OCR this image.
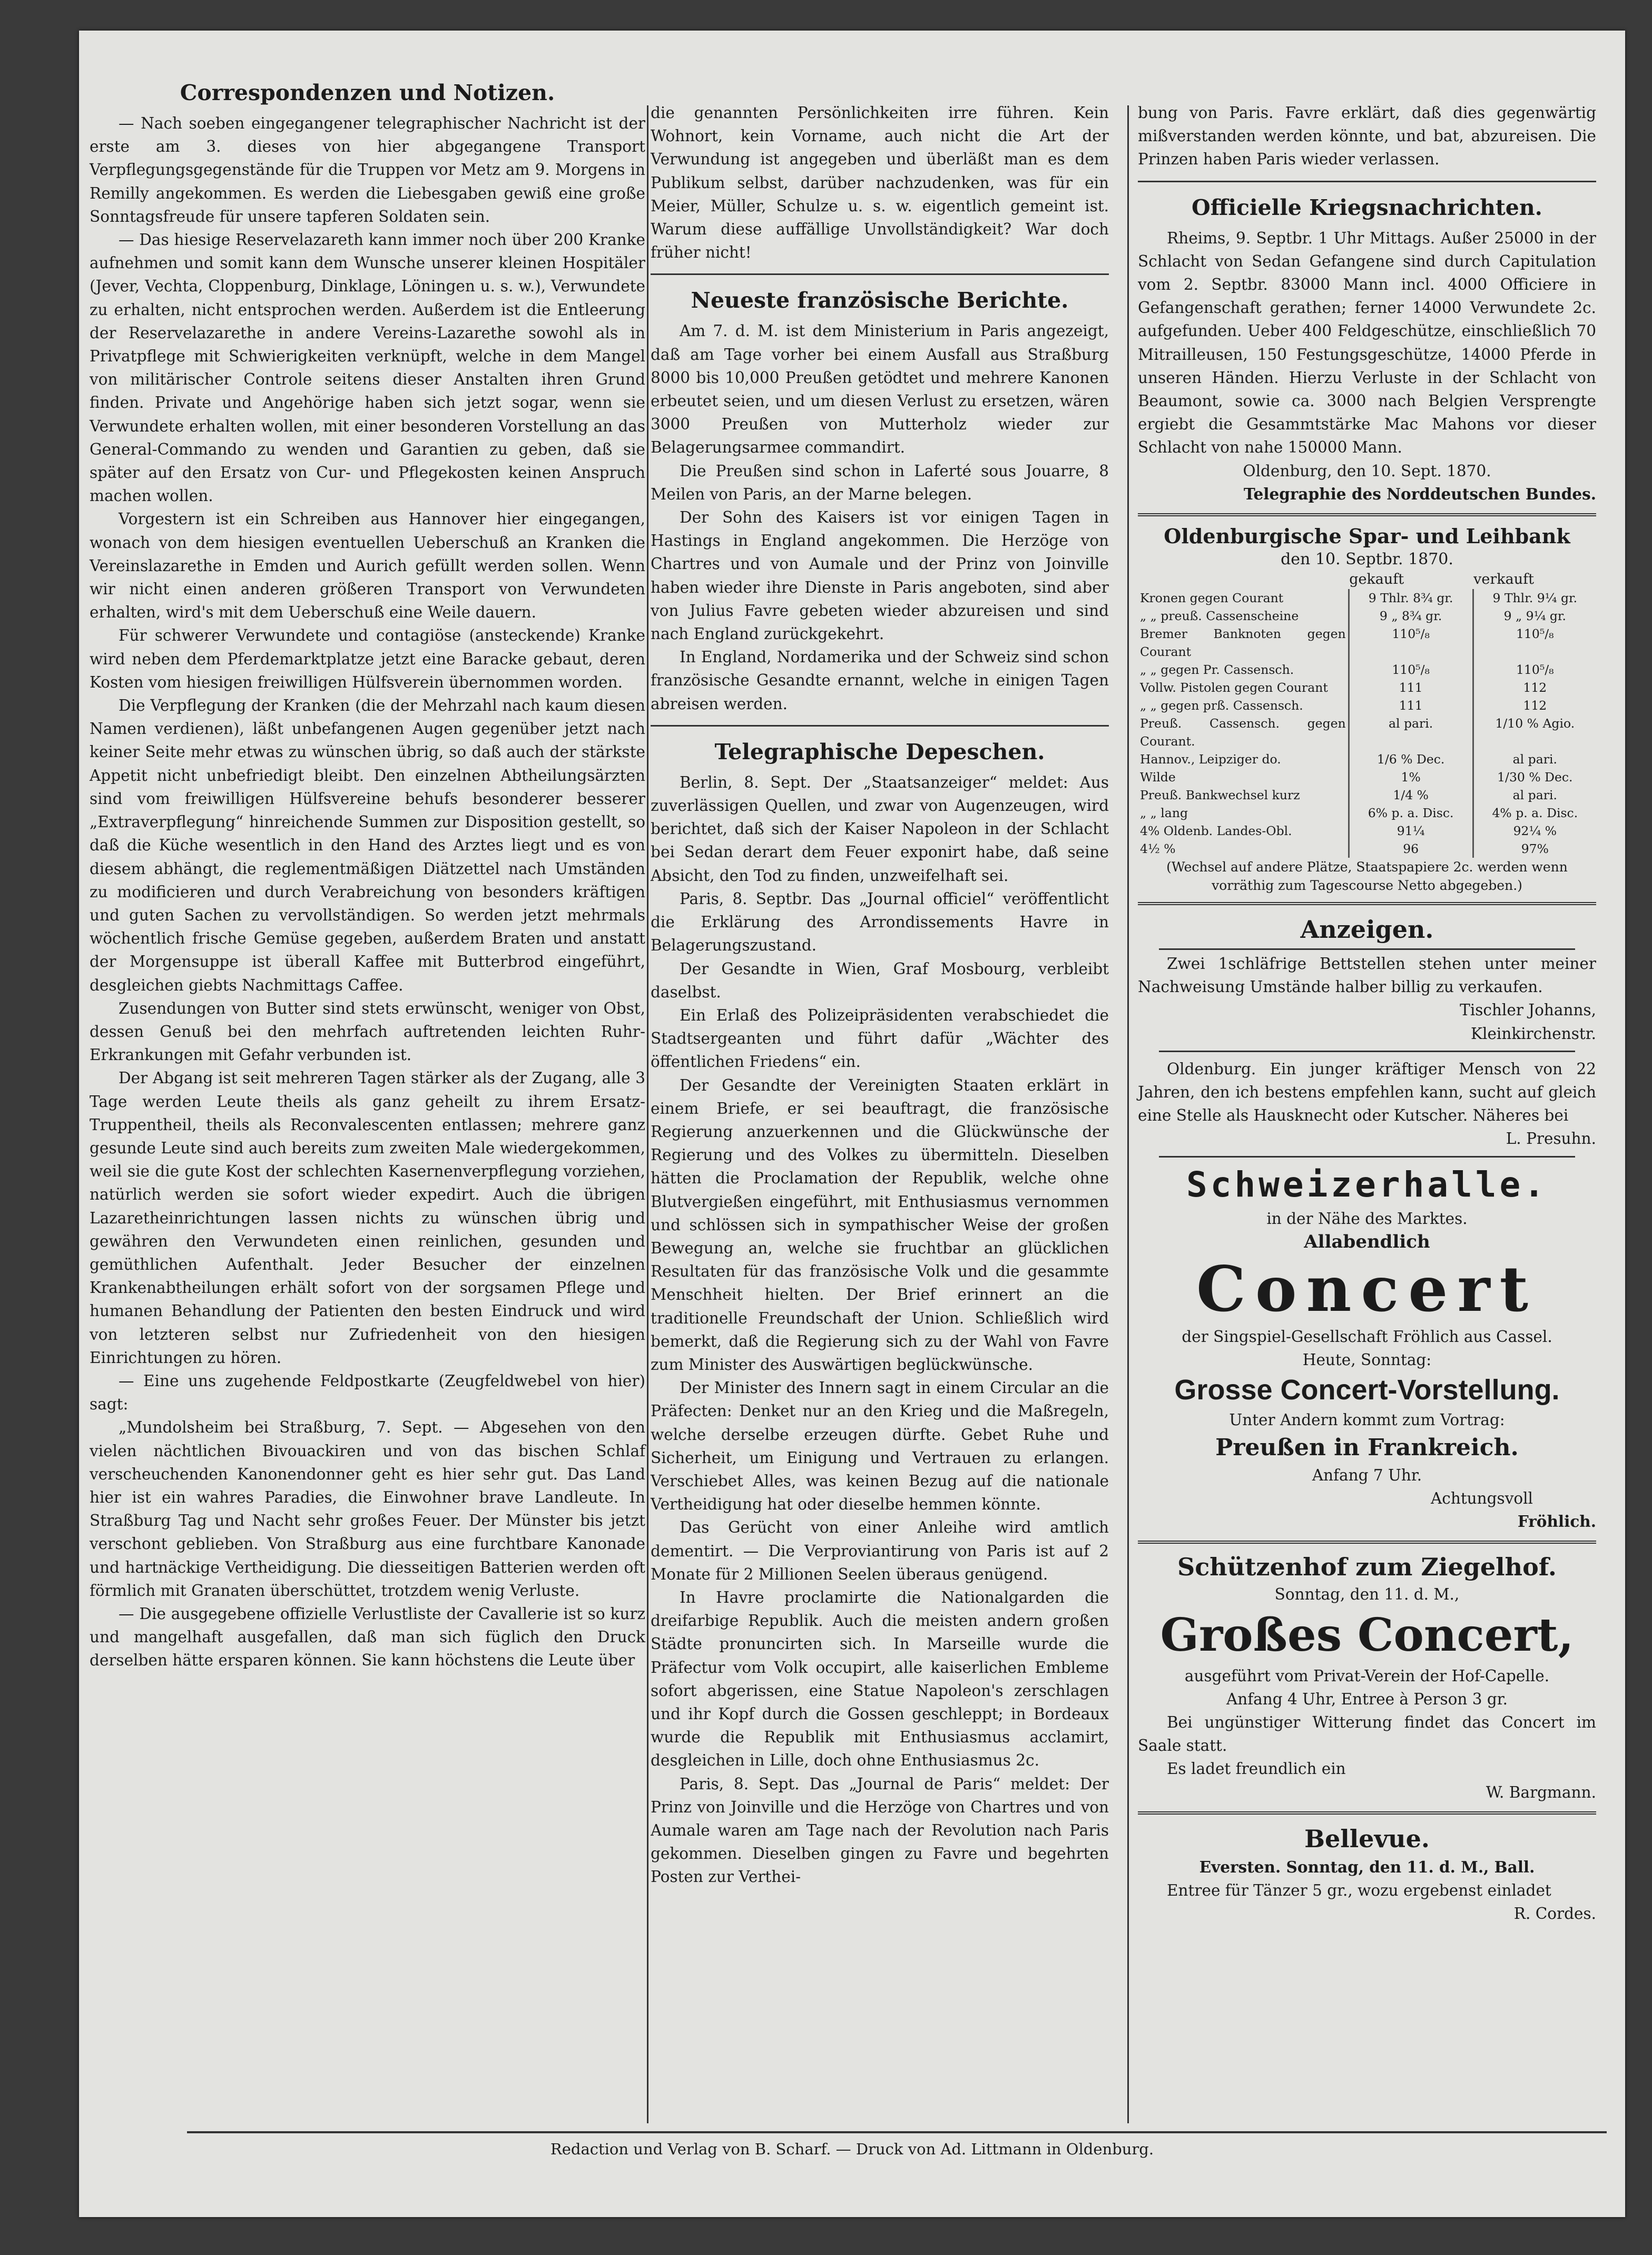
Correspondenzen und Notizen.

— Nach soeben eingegangener telegraphischer Nachricht ist der erste am 3. dieses von hier abgegangene Transport Verpflegungsgegenstände für die Truppen vor Metz am 9. Morgens in Remilly angekommen. Es werden die Liebesgaben gewiß eine große Sonntagsfreude für unsere tapferen Soldaten sein.

— Das hiesige Reservelazareth kann immer noch über 200 Kranke aufnehmen und somit kann dem Wunsche unserer kleinen Hospitäler (Jever, Vechta, Cloppenburg, Dinklage, Löningen u. s. w.), Verwundete zu erhalten, nicht entsprochen werden. Außerdem ist die Entleerung der Reservelazarethe in andere Vereins-Lazarethe sowohl als in Privatpflege mit Schwierigkeiten verknüpft, welche in dem Mangel von militärischer Controle seitens dieser Anstalten ihren Grund finden. Private und Angehörige haben sich jetzt sogar, wenn sie Verwundete erhalten wollen, mit einer besonderen Vorstellung an das General-Commando zu wenden und Garantien zu geben, daß sie später auf den Ersatz von Cur- und Pflegekosten keinen Anspruch machen wollen.

Vorgestern ist ein Schreiben aus Hannover hier eingegangen, wonach von dem hiesigen eventuellen Ueberschuß an Kranken die Vereinslazarethe in Emden und Aurich gefüllt werden sollen. Wenn wir nicht einen anderen größeren Transport von Verwundeten erhalten, wird's mit dem Ueberschuß eine Weile dauern.

Für schwerer Verwundete und contagiöse (ansteckende) Kranke wird neben dem Pferdemarktplatze jetzt eine Baracke gebaut, deren Kosten vom hiesigen freiwilligen Hülfsverein übernommen worden.

Die Verpflegung der Kranken (die der Mehrzahl nach kaum diesen Namen verdienen), läßt unbefangenen Augen gegenüber jetzt nach keiner Seite mehr etwas zu wünschen übrig, so daß auch der stärkste Appetit nicht unbefriedigt bleibt. Den einzelnen Abtheilungsärzten sind vom freiwilligen Hülfsvereine behufs besonderer besserer „Extraverpflegung“ hinreichende Summen zur Disposition gestellt, so daß die Küche wesentlich in den Hand des Arztes liegt und es von diesem abhängt, die reglementmäßigen Diätzettel nach Umständen zu modificieren und durch Verabreichung von besonders kräftigen und guten Sachen zu vervollständigen. So werden jetzt mehrmals wöchentlich frische Gemüse gegeben, außerdem Braten und anstatt der Morgensuppe ist überall Kaffee mit Butterbrod eingeführt, desgleichen giebts Nachmittags Caffee.

Zusendungen von Butter sind stets erwünscht, weniger von Obst, dessen Genuß bei den mehrfach auftretenden leichten Ruhr-Erkrankungen mit Gefahr verbunden ist.

Der Abgang ist seit mehreren Tagen stärker als der Zugang, alle 3 Tage werden Leute theils als ganz geheilt zu ihrem Ersatz-Truppentheil, theils als Reconvalescenten entlassen; mehrere ganz gesunde Leute sind auch bereits zum zweiten Male wiedergekommen, weil sie die gute Kost der schlechten Kasernenverpflegung vorziehen, natürlich werden sie sofort wieder expedirt. Auch die übrigen Lazaretheinrichtungen lassen nichts zu wünschen übrig und gewähren den Verwundeten einen reinlichen, gesunden und gemüthlichen Aufenthalt. Jeder Besucher der einzelnen Krankenabtheilungen erhält sofort von der sorgsamen Pflege und humanen Behandlung der Patienten den besten Eindruck und wird von letzteren selbst nur Zufriedenheit von den hiesigen Einrichtungen zu hören.

— Eine uns zugehende Feldpostkarte (Zeugfeldwebel von hier) sagt:

„Mundolsheim bei Straßburg, 7. Sept. — Abgesehen von den vielen nächtlichen Bivouackiren und von das bischen Schlaf verscheuchenden Kanonendonner geht es hier sehr gut. Das Land hier ist ein wahres Paradies, die Einwohner brave Landleute. In Straßburg Tag und Nacht sehr großes Feuer. Der Münster bis jetzt verschont geblieben. Von Straßburg aus eine furchtbare Kanonade und hartnäckige Vertheidigung. Die diesseitigen Batterien werden oft förmlich mit Granaten überschüttet, trotzdem wenig Verluste.

— Die ausgegebene offizielle Verlustliste der Cavallerie ist so kurz und mangelhaft ausgefallen, daß man sich füglich den Druck derselben hätte ersparen können. Sie kann höchstens die Leute über

die genannten Persönlichkeiten irre führen. Kein Wohnort, kein Vorname, auch nicht die Art der Verwundung ist angegeben und überläßt man es dem Publikum selbst, darüber nachzudenken, was für ein Meier, Müller, Schulze u. s. w. eigentlich gemeint ist. Warum diese auffällige Unvollständigkeit? War doch früher nicht!

Neueste französische Berichte.

Am 7. d. M. ist dem Ministerium in Paris angezeigt, daß am Tage vorher bei einem Ausfall aus Straßburg 8000 bis 10,000 Preußen getödtet und mehrere Kanonen erbeutet seien, und um diesen Verlust zu ersetzen, wären 3000 Preußen von Mutterholz wieder zur Belagerungsarmee commandirt.

Die Preußen sind schon in Laferté sous Jouarre, 8 Meilen von Paris, an der Marne belegen.

Der Sohn des Kaisers ist vor einigen Tagen in Hastings in England angekommen. Die Herzöge von Chartres und von Aumale und der Prinz von Joinville haben wieder ihre Dienste in Paris angeboten, sind aber von Julius Favre gebeten wieder abzureisen und sind nach England zurückgekehrt.

In England, Nordamerika und der Schweiz sind schon französische Gesandte ernannt, welche in einigen Tagen abreisen werden.

Telegraphische Depeschen.

Berlin, 8. Sept. Der „Staatsanzeiger“ meldet: Aus zuverlässigen Quellen, und zwar von Augenzeugen, wird berichtet, daß sich der Kaiser Napoleon in der Schlacht bei Sedan derart dem Feuer exponirt habe, daß seine Absicht, den Tod zu finden, unzweifelhaft sei.

Paris, 8. Septbr. Das „Journal officiel“ veröffentlicht die Erklärung des Arrondissements Havre in Belagerungszustand.

Der Gesandte in Wien, Graf Mosbourg, verbleibt daselbst.

Ein Erlaß des Polizeipräsidenten verabschiedet die Stadtsergeanten und führt dafür „Wächter des öffentlichen Friedens“ ein.

Der Gesandte der Vereinigten Staaten erklärt in einem Briefe, er sei beauftragt, die französische Regierung anzuerkennen und die Glückwünsche der Regierung und des Volkes zu übermitteln. Dieselben hätten die Proclamation der Republik, welche ohne Blutvergießen eingeführt, mit Enthusiasmus vernommen und schlössen sich in sympathischer Weise der großen Bewegung an, welche sie fruchtbar an glücklichen Resultaten für das französische Volk und die gesammte Menschheit hielten. Der Brief erinnert an die traditionelle Freundschaft der Union. Schließlich wird bemerkt, daß die Regierung sich zu der Wahl von Favre zum Minister des Auswärtigen beglückwünsche.

Der Minister des Innern sagt in einem Circular an die Präfecten: Denket nur an den Krieg und die Maßregeln, welche derselbe erzeugen dürfte. Gebet Ruhe und Sicherheit, um Einigung und Vertrauen zu erlangen. Verschiebet Alles, was keinen Bezug auf die nationale Vertheidigung hat oder dieselbe hemmen könnte.

Das Gerücht von einer Anleihe wird amtlich dementirt. — Die Verproviantirung von Paris ist auf 2 Monate für 2 Millionen Seelen überaus genügend.

In Havre proclamirte die Nationalgarden die dreifarbige Republik. Auch die meisten andern großen Städte pronuncirten sich. In Marseille wurde die Präfectur vom Volk occupirt, alle kaiserlichen Embleme sofort abgerissen, eine Statue Napoleon's zerschlagen und ihr Kopf durch die Gossen geschleppt; in Bordeaux wurde die Republik mit Enthusiasmus acclamirt, desgleichen in Lille, doch ohne Enthusiasmus 2c.

Paris, 8. Sept. Das „Journal de Paris“ meldet: Der Prinz von Joinville und die Herzöge von Chartres und von Aumale waren am Tage nach der Revolution nach Paris gekommen. Dieselben gingen zu Favre und begehrten Posten zur Verthei-

bung von Paris. Favre erklärt, daß dies gegenwärtig mißverstanden werden könnte, und bat, abzureisen. Die Prinzen haben Paris wieder verlassen.

Officielle Kriegsnachrichten.

Rheims, 9. Septbr. 1 Uhr Mittags. Außer 25000 in der Schlacht von Sedan Gefangene sind durch Capitulation vom 2. Septbr. 83000 Mann incl. 4000 Officiere in Gefangenschaft gerathen; ferner 14000 Verwundete 2c. aufgefunden. Ueber 400 Feldgeschütze, einschließlich 70 Mitrailleusen, 150 Festungsgeschütze, 14000 Pferde in unseren Händen. Hierzu Verluste in der Schlacht von Beaumont, sowie ca. 3000 nach Belgien Versprengte ergiebt die Gesammtstärke Mac Mahons vor dieser Schlacht von nahe 150000 Mann.

Oldenburg, den 10. Sept. 1870.

Telegraphie des Norddeutschen Bundes.

Oldenburgische Spar- und Leihbank
den 10. Septbr. 1870.
	gekauft	verkauft
Kronen gegen Courant	9 Thlr. 8¾ gr.	9 Thlr. 9¼ gr.
„ „ preuß. Cassenscheine	9 „ 8¾ gr.	9 „ 9¼ gr.
Bremer Banknoten gegen Courant	110⁵/₈	110⁵/₈
„ „ gegen Pr. Cassensch.	110⁵/₈	110⁵/₈
Vollw. Pistolen gegen Courant	111	112
„ „ gegen prß. Cassensch.	111	112
Preuß. Cassensch. gegen Courant.	al pari.	1/10 % Agio.
Hannov., Leipziger do.	1/6 % Dec.	al pari.
Wilde	1%	1/30 % Dec.
Preuß. Bankwechsel kurz	1/4 %	al pari.
„ „ lang	6% p. a. Disc.	4% p. a. Disc.
4% Oldenb. Landes-Obl.	91¼	92¼ %
4½ %	96	97%

(Wechsel auf andere Plätze, Staatspapiere 2c. werden wenn vorräthig zum Tagescourse Netto abgegeben.)

Anzeigen.

Zwei 1schläfrige Bettstellen stehen unter meiner Nachweisung Umstände halber billig zu verkaufen.

Tischler Johanns,

Kleinkirchenstr.

Oldenburg. Ein junger kräftiger Mensch von 22 Jahren, den ich bestens empfehlen kann, sucht auf gleich eine Stelle als Hausknecht oder Kutscher. Näheres bei

L. Presuhn.

Schweizerhalle.
in der Nähe des Marktes.
Allabendlich
Concert
der Singspiel-Gesellschaft Fröhlich aus Cassel.
Heute, Sonntag:
Grosse Concert-Vorstellung.
Unter Andern kommt zum Vortrag:
Preußen in Frankreich.
Anfang 7 Uhr.
Achtungsvoll
Fröhlich.
Schützenhof zum Ziegelhof.
Sonntag, den 11. d. M.,
Großes Concert,
ausgeführt vom Privat-Verein der Hof-Capelle.
Anfang 4 Uhr, Entree à Person 3 gr.

Bei ungünstiger Witterung findet das Concert im Saale statt.

Es ladet freundlich ein

W. Bargmann.

Bellevue.

Eversten. Sonntag, den 11. d. M., Ball.

Entree für Tänzer 5 gr., wozu ergebenst einladet

R. Cordes.

Redaction und Verlag von B. Scharf. — Druck von Ad. Littmann in Oldenburg.
